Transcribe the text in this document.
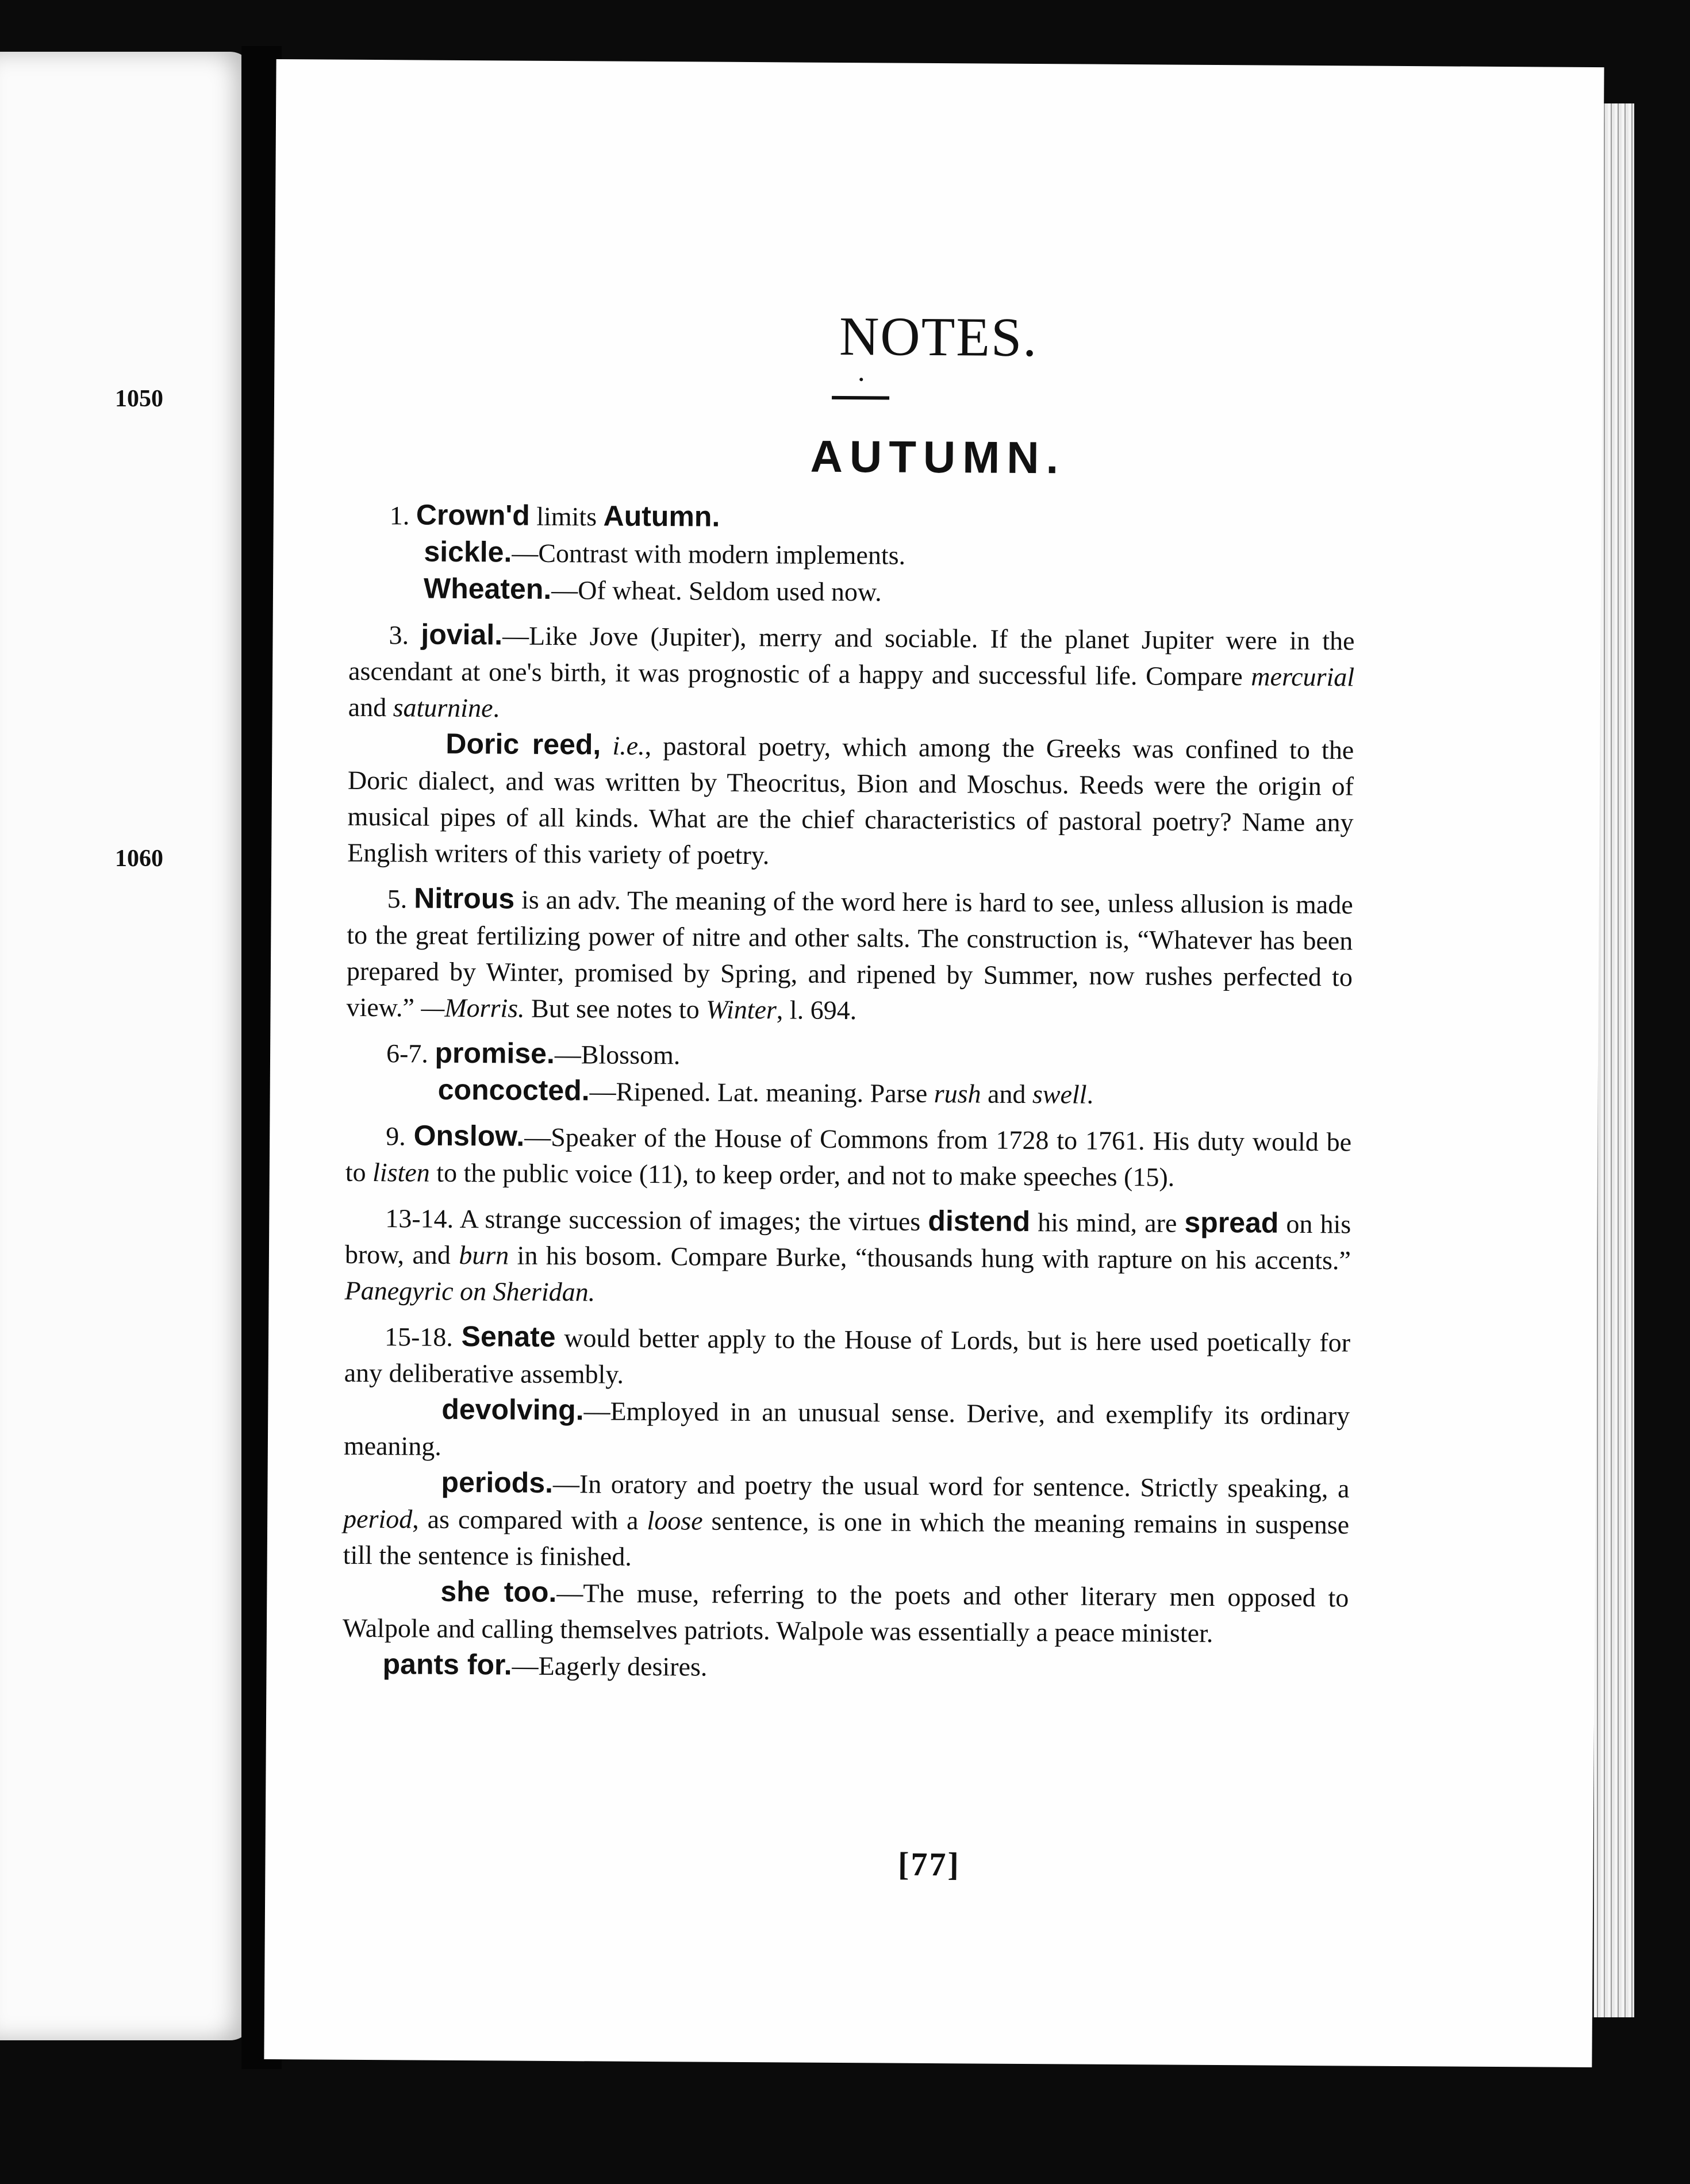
1050
1060
NOTES.
AUTUMN.

1. Crown'd limits Autumn.

sickle.—Contrast with modern implements.

Wheaten.—Of wheat. Seldom used now.

3. jovial.—Like Jove (Jupiter), merry and sociable. If the planet Jupiter were in the ascendant at one's birth, it was prognostic of a happy and successful life. Compare mercurial and saturnine.

Doric reed, i.e., pastoral poetry, which among the Greeks was confined to the Doric dialect, and was written by Theocritus, Bion and Moschus. Reeds were the origin of musical pipes of all kinds. What are the chief characteristics of pastoral poetry? Name any English writers of this variety of poetry.

5. Nitrous is an adv. The meaning of the word here is hard to see, unless allusion is made to the great fertilizing power of nitre and other salts. The construction is, “Whatever has been prepared by Winter, promised by Spring, and ripened by Summer, now rushes perfected to view.” —Morris. But see notes to Winter, l. 694.

6-7. promise.—Blossom.

concocted.—Ripened. Lat. meaning. Parse rush and swell.

9. Onslow.—Speaker of the House of Commons from 1728 to 1761. His duty would be to listen to the public voice (11), to keep order, and not to make speeches (15).

13-14. A strange succession of images; the virtues distend his mind, are spread on his brow, and burn in his bosom. Compare Burke, “thousands hung with rapture on his accents.” Panegyric on Sheridan.

15-18. Senate would better apply to the House of Lords, but is here used poetically for any deliberative assembly.

devolving.—Employed in an unusual sense. Derive, and exemplify its ordinary meaning.

periods.—In oratory and poetry the usual word for sentence. Strictly speaking, a period, as compared with a loose sentence, is one in which the meaning remains in suspense till the sentence is finished.

she too.—The muse, referring to the poets and other literary men opposed to Walpole and calling themselves patriots. Walpole was essentially a peace minister.

pants for.—Eagerly desires.

[77]
